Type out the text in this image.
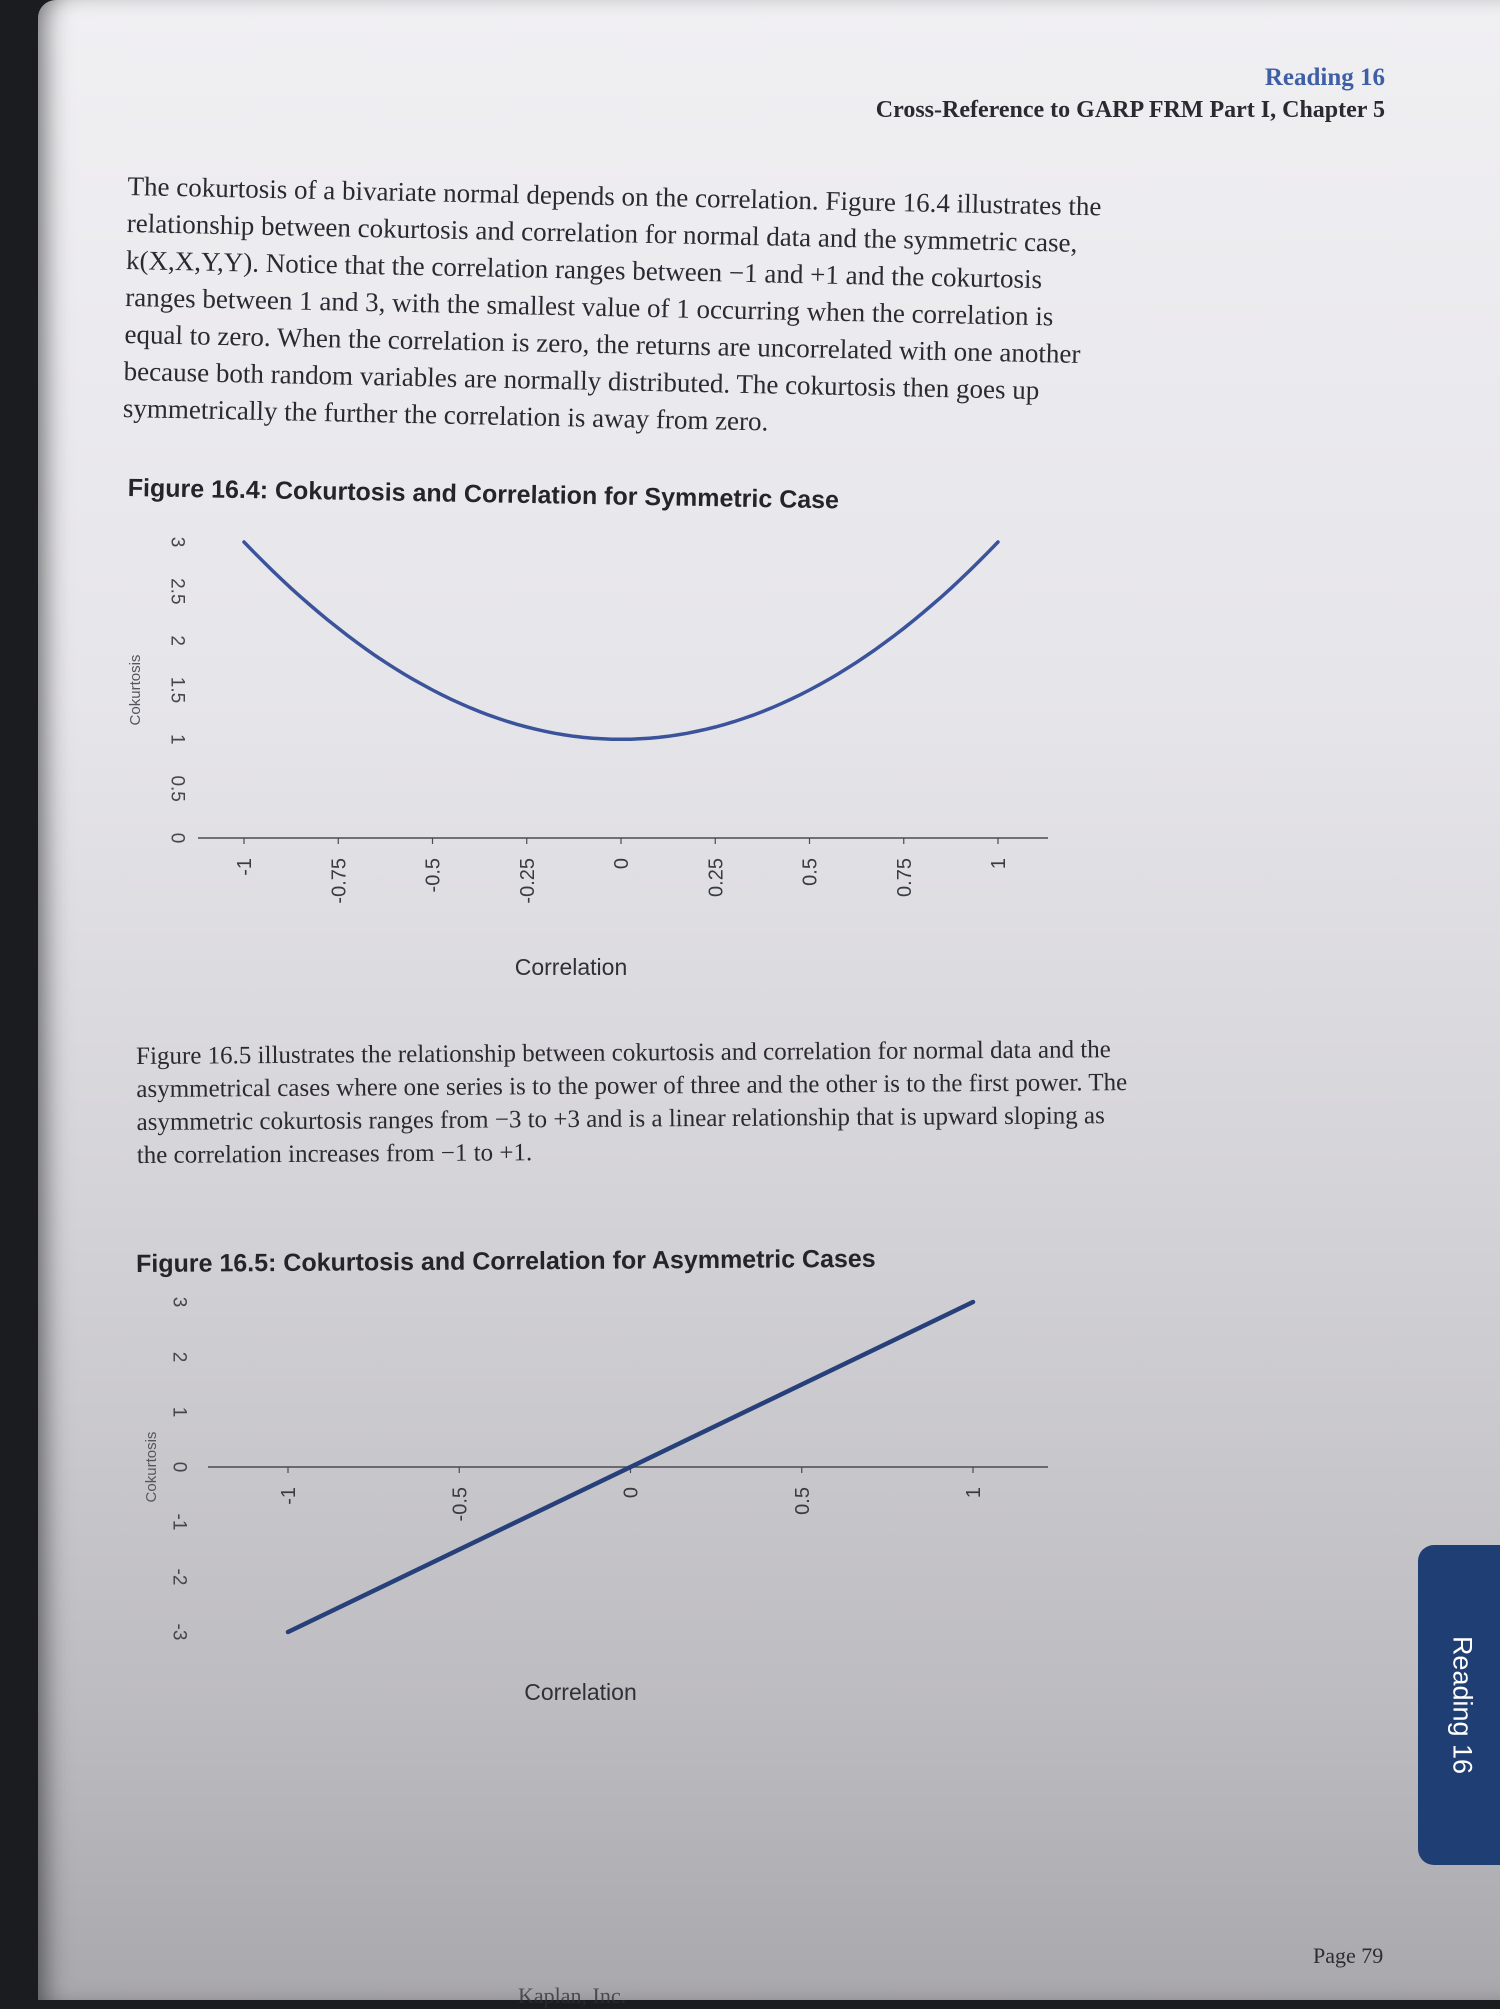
Reading 16
Cross-Reference to GARP FRM Part I, Chapter 5
The cokurtosis of a bivariate normal depends on the correlation. Figure 16.4 illustrates the relationship between cokurtosis and correlation for normal data and the symmetric case, k(X,X,Y,Y). Notice that the correlation ranges between −1 and +1 and the cokurtosis ranges between 1 and 3, with the smallest value of 1 occurring when the correlation is equal to zero. When the correlation is zero, the returns are uncorrelated with one another because both random variables are normally distributed. The cokurtosis then goes up symmetrically the further the correlation is away from zero.
Figure 16.4: Cokurtosis and Correlation for Symmetric Case
-1	-0.75	-0.5	-0.25	0	0.25	0.5	0.75	1
0
0.5
1
1.5
2
2.5
3
Cokurtosis
Correlation
Figure 16.5 illustrates the relationship between cokurtosis and correlation for normal data and the asymmetrical cases where one series is to the power of three and the other is to the first power. The asymmetric cokurtosis ranges from −3 to +3 and is a linear relationship that is upward sloping as the correlation increases from −1 to +1.
Figure 16.5: Cokurtosis and Correlation for Asymmetric Cases
-1	-0.5	0	0.5	1
3
2
1
0
-1
-2
-3
Cokurtosis
Correlation	Reading 16
Page 79
Kaplan, Inc.
